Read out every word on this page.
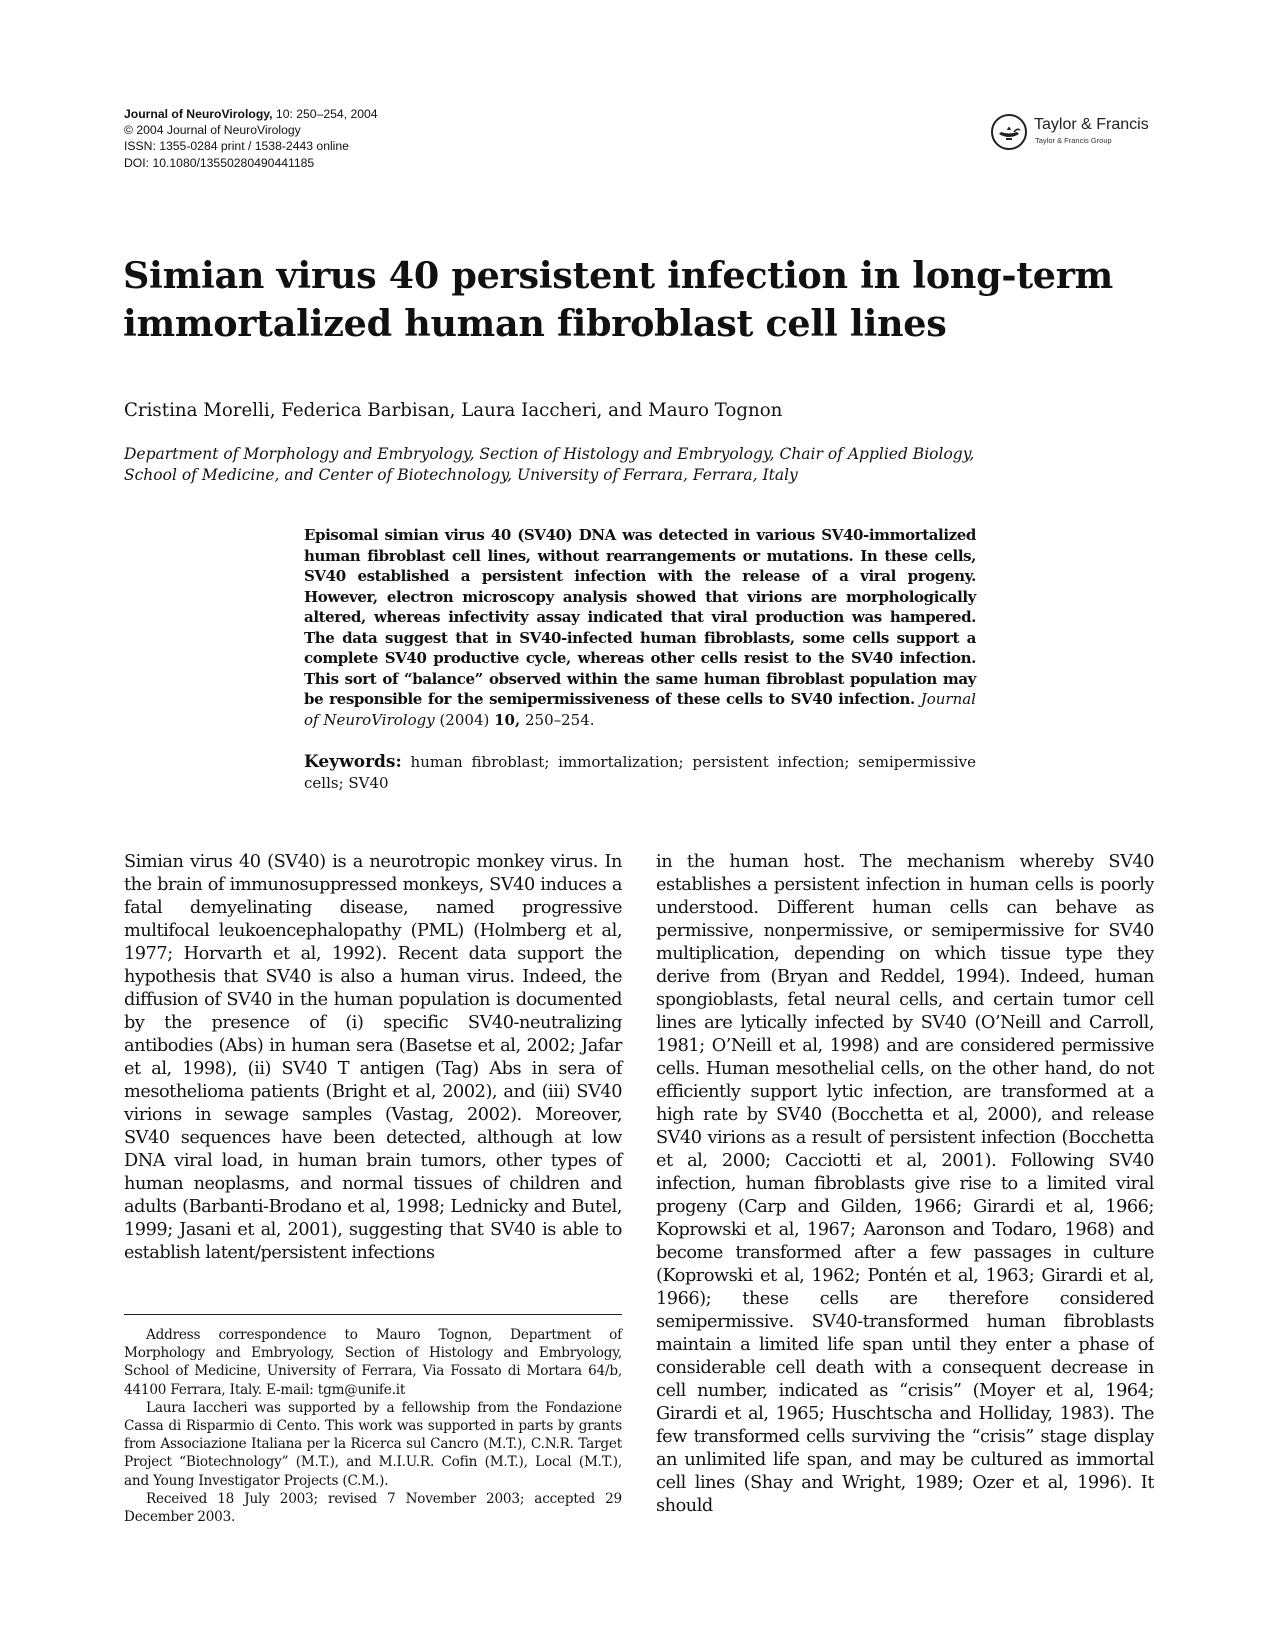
Journal of NeuroVirology, 10: 250–254, 2004
© 2004 Journal of NeuroVirology
ISSN: 1355-0284 print / 1538-2443 online
DOI: 10.1080/13550280490441185
Taylor & Francis
Taylor & Francis Group
Simian virus 40 persistent infection in long-term
immortalized human fibroblast cell lines
Cristina Morelli, Federica Barbisan, Laura Iaccheri, and Mauro Tognon
Department of Morphology and Embryology, Section of Histology and Embryology, Chair of Applied Biology,
School of Medicine, and Center of Biotechnology, University of Ferrara, Ferrara, Italy
Episomal simian virus 40 (SV40) DNA was detected in various SV40-immortalized human fibroblast cell lines, without rearrangements or mutations. In these cells, SV40 established a persistent infection with the release of a viral progeny. However, electron microscopy analysis showed that virions are morphologically altered, whereas infectivity assay indicated that viral production was hampered. The data suggest that in SV40-infected human fibroblasts, some cells support a complete SV40 productive cycle, whereas other cells resist to the SV40 infection. This sort of “balance” observed within the same human fibroblast population may be responsible for the semipermissiveness of these cells to SV40 infection. Journal of NeuroVirology (2004) 10, 250–254.
Keywords: human fibroblast; immortalization; persistent infection; semipermissive cells; SV40

Simian virus 40 (SV40) is a neurotropic monkey virus. In the brain of immunosuppressed monkeys, SV40 induces a fatal demyelinating disease, named progressive multifocal leukoencephalopathy (PML) (Holmberg et al, 1977; Horvarth et al, 1992). Recent data support the hypothesis that SV40 is also a human virus. Indeed, the diffusion of SV40 in the human population is documented by the presence of (i) specific SV40-neutralizing antibodies (Abs) in human sera (Basetse et al, 2002; Jafar et al, 1998), (ii) SV40 T antigen (Tag) Abs in sera of mesothelioma patients (Bright et al, 2002), and (iii) SV40 virions in sewage samples (Vastag, 2002). Moreover, SV40 sequences have been detected, although at low DNA viral load, in human brain tumors, other types of human neoplasms, and normal tissues of children and adults (Barbanti-Brodano et al, 1998; Lednicky and Butel, 1999; Jasani et al, 2001), suggesting that SV40 is able to establish latent/persistent infections

in the human host. The mechanism whereby SV40 establishes a persistent infection in human cells is poorly understood. Different human cells can behave as permissive, nonpermissive, or semipermissive for SV40 multiplication, depending on which tissue type they derive from (Bryan and Reddel, 1994). Indeed, human spongioblasts, fetal neural cells, and certain tumor cell lines are lytically infected by SV40 (O’Neill and Carroll, 1981; O’Neill et al, 1998) and are considered permissive cells. Human mesothelial cells, on the other hand, do not efficiently support lytic infection, are transformed at a high rate by SV40 (Bocchetta et al, 2000), and release SV40 virions as a result of persistent infection (Bocchetta et al, 2000; Cacciotti et al, 2001). Following SV40 infection, human fibroblasts give rise to a limited viral progeny (Carp and Gilden, 1966; Girardi et al, 1966; Koprowski et al, 1967; Aaronson and Todaro, 1968) and become transformed after a few passages in culture (Koprowski et al, 1962; Pontén et al, 1963; Girardi et al, 1966); these cells are therefore considered semipermissive. SV40-transformed human fibroblasts maintain a limited life span until they enter a phase of considerable cell death with a consequent decrease in cell number, indicated as “crisis” (Moyer et al, 1964; Girardi et al, 1965; Huschtscha and Holliday, 1983). The few transformed cells surviving the “crisis” stage display an unlimited life span, and may be cultured as immortal cell lines (Shay and Wright, 1989; Ozer et al, 1996). It should

Address correspondence to Mauro Tognon, Department of Morphology and Embryology, Section of Histology and Embryology, School of Medicine, University of Ferrara, Via Fossato di Mortara 64/b, 44100 Ferrara, Italy. E-mail: tgm@unife.it

Laura Iaccheri was supported by a fellowship from the Fondazione Cassa di Risparmio di Cento. This work was supported in parts by grants from Associazione Italiana per la Ricerca sul Cancro (M.T.), C.N.R. Target Project “Biotechnology” (M.T.), and M.I.U.R. Cofin (M.T.), Local (M.T.), and Young Investigator Projects (C.M.).

Received 18 July 2003; revised 7 November 2003; accepted 29 December 2003.
